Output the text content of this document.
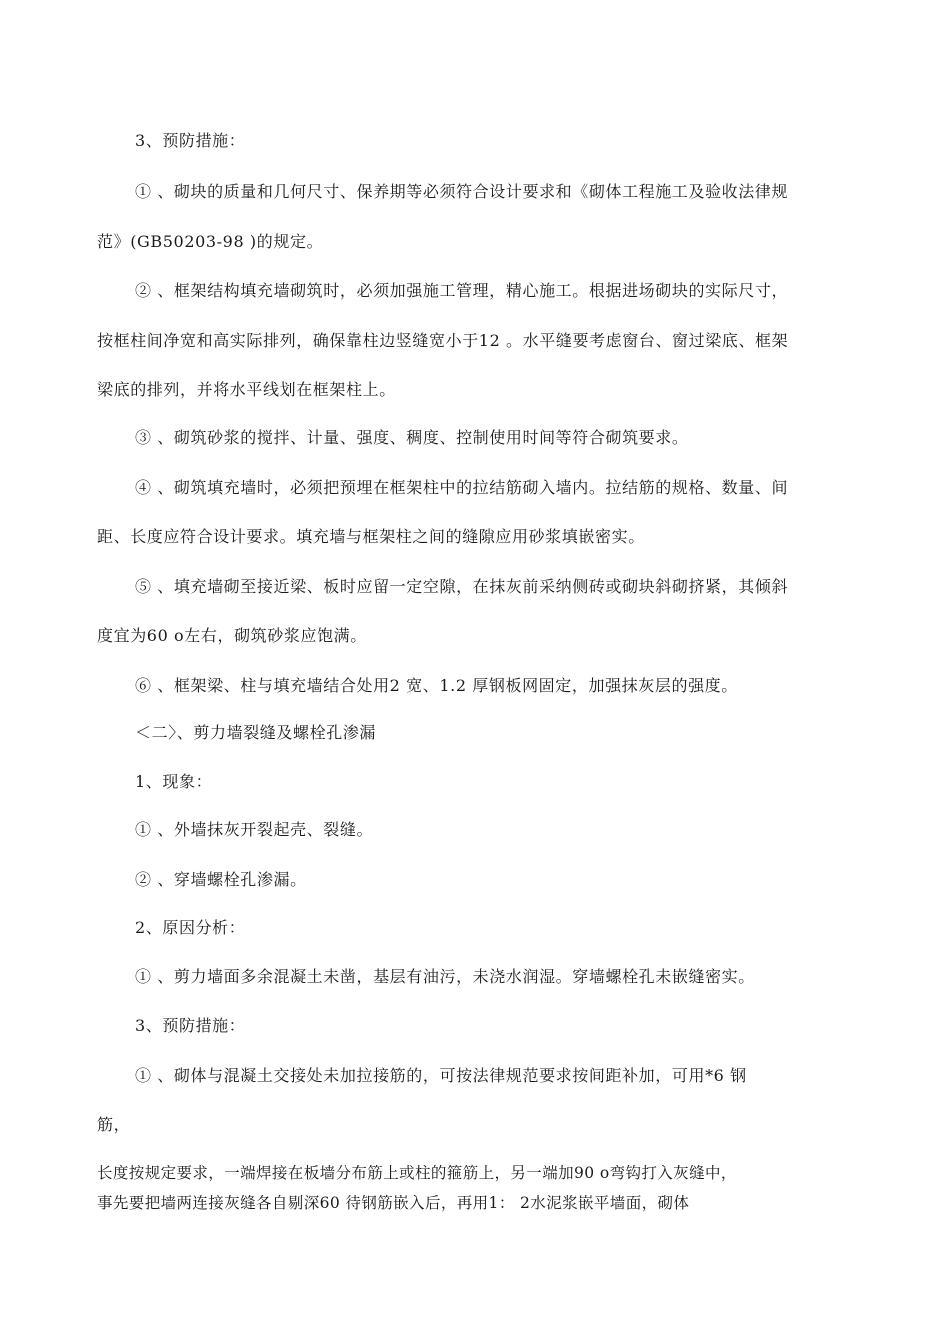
3、预防措施：
① 、砌块的质量和几何尺寸、保养期等必须符合设计要求和《砌体工程施工及验收法律规
范》(GB50203-98 )的规定。
② 、框架结构填充墙砌筑时，必须加强施工管理，精心施工。根据进场砌块的实际尺寸，
按框柱间净宽和高实际排列，确保靠柱边竖缝宽小于12 。水平缝要考虑窗台、窗过梁底、框架
梁底的排列，并将水平线划在框架柱上。
③ 、砌筑砂浆的搅拌、计量、强度、稠度、控制使用时间等符合砌筑要求。
④ 、砌筑填充墙时，必须把预埋在框架柱中的拉结筋砌入墙内。拉结筋的规格、数量、间
距、长度应符合设计要求。填充墙与框架柱之间的缝隙应用砂浆填嵌密实。
⑤ 、填充墙砌至接近梁、板时应留一定空隙，在抹灰前采纳侧砖或砌块斜砌挤紧，其倾斜
度宜为60 o左右，砌筑砂浆应饱满。
⑥ 、框架梁、柱与填充墙结合处用2 宽、1.2 厚钢板网固定，加强抹灰层的强度。
＜二〉、剪力墙裂缝及螺栓孔渗漏
1、现象：
① 、外墙抹灰开裂起壳、裂缝。
② 、穿墙螺栓孔渗漏。
2、原因分析：
① 、剪力墙面多余混凝土未凿，基层有油污，未浇水润湿。穿墙螺栓孔未嵌缝密实。
3、预防措施：
① 、砌体与混凝土交接处未加拉接筋的，可按法律规范要求按间距补加，可用*6 钢
筋，
长度按规定要求，一端焊接在板墙分布筋上或柱的箍筋上，另一端加90 o弯钩打入灰缝中，
事先要把墙两连接灰缝各自剔深60 待钢筋嵌入后，再用1： 2水泥浆嵌平墙面，砌体
